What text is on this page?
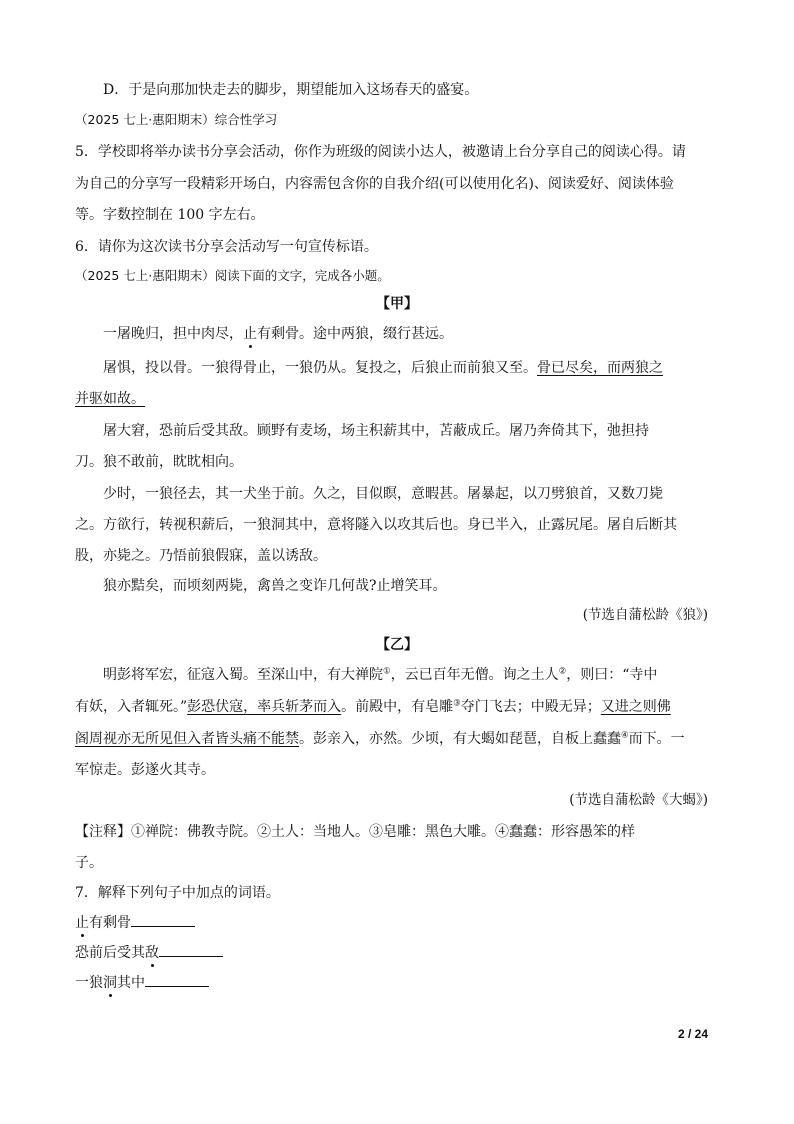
D．于是向那加快走去的脚步，期望能加入这场春天的盛宴。
（2025 七上·惠阳期末）综合性学习
5．学校即将举办读书分享会活动，你作为班级的阅读小达人，被邀请上台分享自己的阅读心得。请
为自己的分享写一段精彩开场白，内容需包含你的自我介绍(可以使用化名)、阅读爱好、阅读体验
等。字数控制在 100 字左右。
6．请你为这次读书分享会活动写一句宣传标语。
（2025 七上·惠阳期末）阅读下面的文字，完成各小题。
【甲】
一屠晚归，担中肉尽，止有剩骨。途中两狼，缀行甚远。
屠惧，投以骨。一狼得骨止，一狼仍从。复投之，后狼止而前狼又至。骨已尽矣，而两狼之
并驱如故。
屠大窘，恐前后受其敌。顾野有麦场，场主积薪其中，苫蔽成丘。屠乃奔倚其下，弛担持
刀。狼不敢前，眈眈相向。
少时，一狼径去，其一犬坐于前。久之，目似瞑，意暇甚。屠暴起，以刀劈狼首，又数刀毙
之。方欲行，转视积薪后，一狼洞其中，意将隧入以攻其后也。身已半入，止露尻尾。屠自后断其
股，亦毙之。乃悟前狼假寐，盖以诱敌。
狼亦黠矣，而顷刻两毙，禽兽之变诈几何哉?止增笑耳。
(节选自蒲松龄《狼》)
【乙】
明彭将军宏，征寇入蜀。至深山中，有大禅院①，云已百年无僧。询之土人②，则曰：“寺中
有妖，入者辄死。”彭恐伏寇，率兵斩茅而入。前殿中，有皂雕③夺门飞去；中殿无异；又进之则佛
阁周视亦无所见但入者皆头痛不能禁。彭亲入，亦然。少顷，有大蝎如琵琶，自板上蠢蠢④而下。一
军惊走。彭遂火其寺。
(节选自蒲松龄《大蝎》)
【注释】①禅院：佛教寺院。②土人：当地人。③皂雕：黑色大雕。④蠢蠢：形容愚笨的样
子。
7．解释下列句子中加点的词语。
止有剩骨
恐前后受其敌
一狼洞其中
2 / 24
